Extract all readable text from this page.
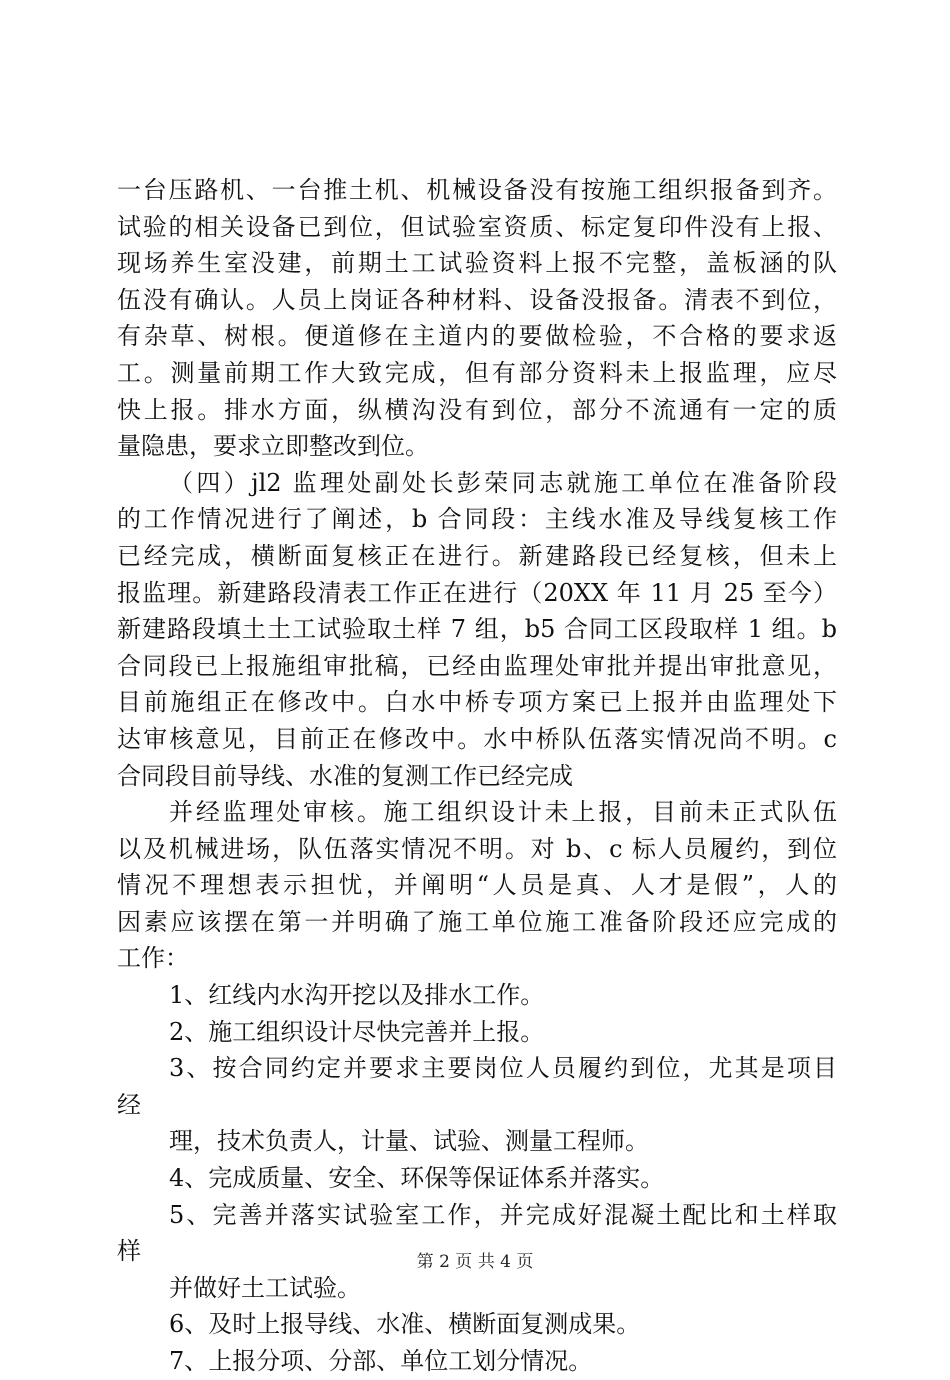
一台压路机、一台推土机、机械设备没有按施工组织报备到齐。
试验的相关设备已到位，但试验室资质、标定复印件没有上报、
现场养生室没建，前期土工试验资料上报不完整，盖板涵的队
伍没有确认。人员上岗证各种材料、设备没报备。清表不到位，
有杂草、树根。便道修在主道内的要做检验，不合格的要求返
工。测量前期工作大致完成，但有部分资料未上报监理，应尽
快上报。排水方面，纵横沟没有到位，部分不流通有一定的质
量隐患，要求立即整改到位。
（四）jl2 监理处副处长彭荣同志就施工单位在准备阶段
的工作情况进行了阐述，b 合同段：主线水准及导线复核工作
已经完成，横断面复核正在进行。新建路段已经复核，但未上
报监理。新建路段清表工作正在进行（20XX 年 11 月 25 至今）
新建路段填土土工试验取土样 7 组，b5 合同工区段取样 1 组。b
合同段已上报施组审批稿，已经由监理处审批并提出审批意见，
目前施组正在修改中。白水中桥专项方案已上报并由监理处下
达审核意见，目前正在修改中。水中桥队伍落实情况尚不明。c
合同段目前导线、水准的复测工作已经完成
并经监理处审核。施工组织设计未上报，目前未正式队伍
以及机械进场，队伍落实情况不明。对 b、c 标人员履约，到位
情况不理想表示担忧，并阐明“人员是真、人才是假”，人的
因素应该摆在第一并明确了施工单位施工准备阶段还应完成的
工作：
1、红线内水沟开挖以及排水工作。
2、施工组织设计尽快完善并上报。
3、按合同约定并要求主要岗位人员履约到位，尤其是项目
经
理，技术负责人，计量、试验、测量工程师。
4、完成质量、安全、环保等保证体系并落实。
5、完善并落实试验室工作，并完成好混凝土配比和土样取
样
并做好土工试验。
6、及时上报导线、水准、横断面复测成果。
7、上报分项、分部、单位工划分情况。
第 2 页 共 4 页
